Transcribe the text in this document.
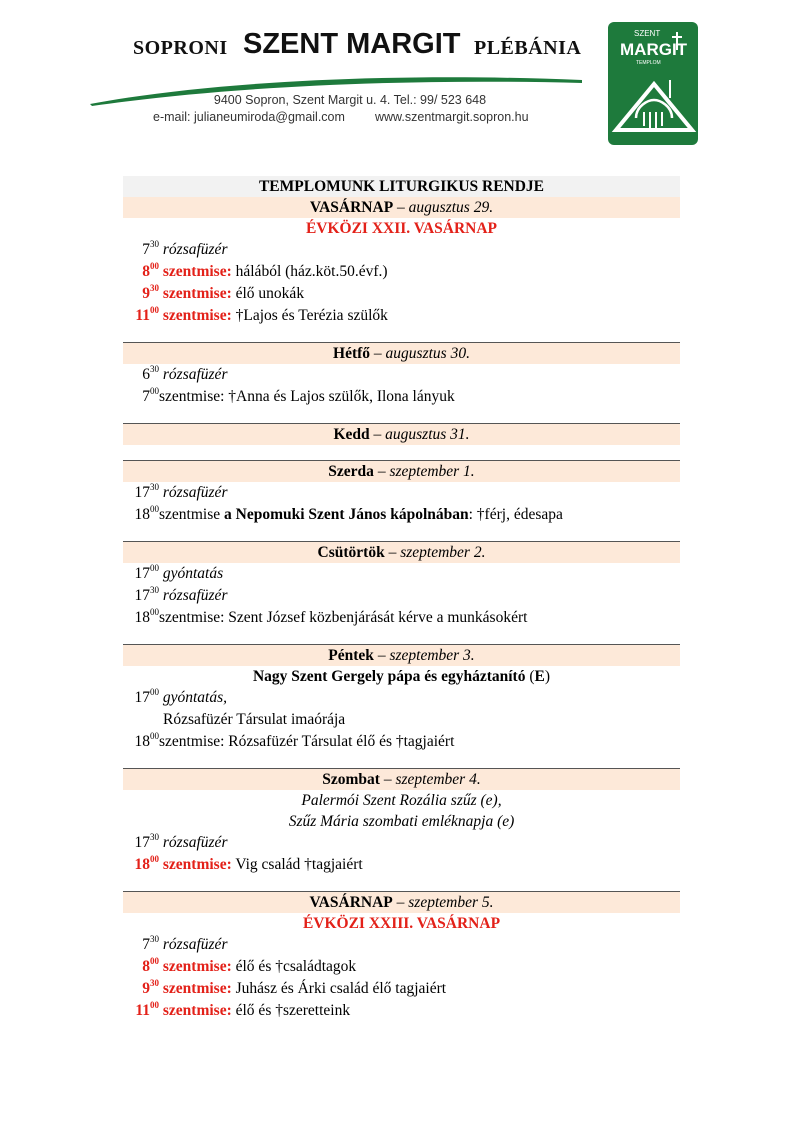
SOPRONI SZENT MARGIT PLÉBÁNIA
9400 Sopron, Szent Margit u. 4. Tel.: 99/ 523 648
e-mail: julianeumiroda@gmail.com www.szentmargit.sopron.hu
SZENT
MARGIT
TEMPLOM
TEMPLOMUNK LITURGIKUS RENDJE
VASÁRNAP – augusztus 29.
ÉVKÖZI XXII. VASÁRNAP
$7^{30}$ rózsafüzér
$8^{00}$ szentmise: hálából (ház.köt.50.évf.)
$9^{30}$ szentmise: élő unokák
$11^{00}$ szentmise: †Lajos és Terézia szülők
Hétfő – augusztus 30.
$6^{30}$ rózsafüzér
$7^{00}szentmise$: †Anna és Lajos szülők, Ilona lányuk
Kedd – augusztus 31.
Szerda – szeptember 1.
$17^{30}$ rózsafüzér
$18^{00}szentmise$ a Nepomuki Szent János kápolnában: †férj, édesapa
Csütörtök – szeptember 2.
$17^{00}$ gyóntatás
$17^{30}$ rózsafüzér
$18^{00}szentmise$: Szent József közbenjárását kérve a munkásokért
Péntek – szeptember 3.
Nagy Szent Gergely pápa és egyháztanító (E)
$17^{00}$ gyóntatás,
Rózsafüzér Társulat imaórája
$18^{00}szentmise$: Rózsafüzér Társulat élő és †tagjaiért
Szombat – szeptember 4.
Palermói Szent Rozália szűz (e),
Szűz Mária szombati emléknapja (e)
$17^{30}$ rózsafüzér
$18^{00}$ szentmise: Vig család †tagjaiért
VASÁRNAP – szeptember 5.
ÉVKÖZI XXIII. VASÁRNAP
$7^{30}$ rózsafüzér
$8^{00}$ szentmise: élő és †családtagok
$9^{30}$ szentmise: Juhász és Árki család élő tagjaiért
$11^{00}$ szentmise: élő és †szeretteink
